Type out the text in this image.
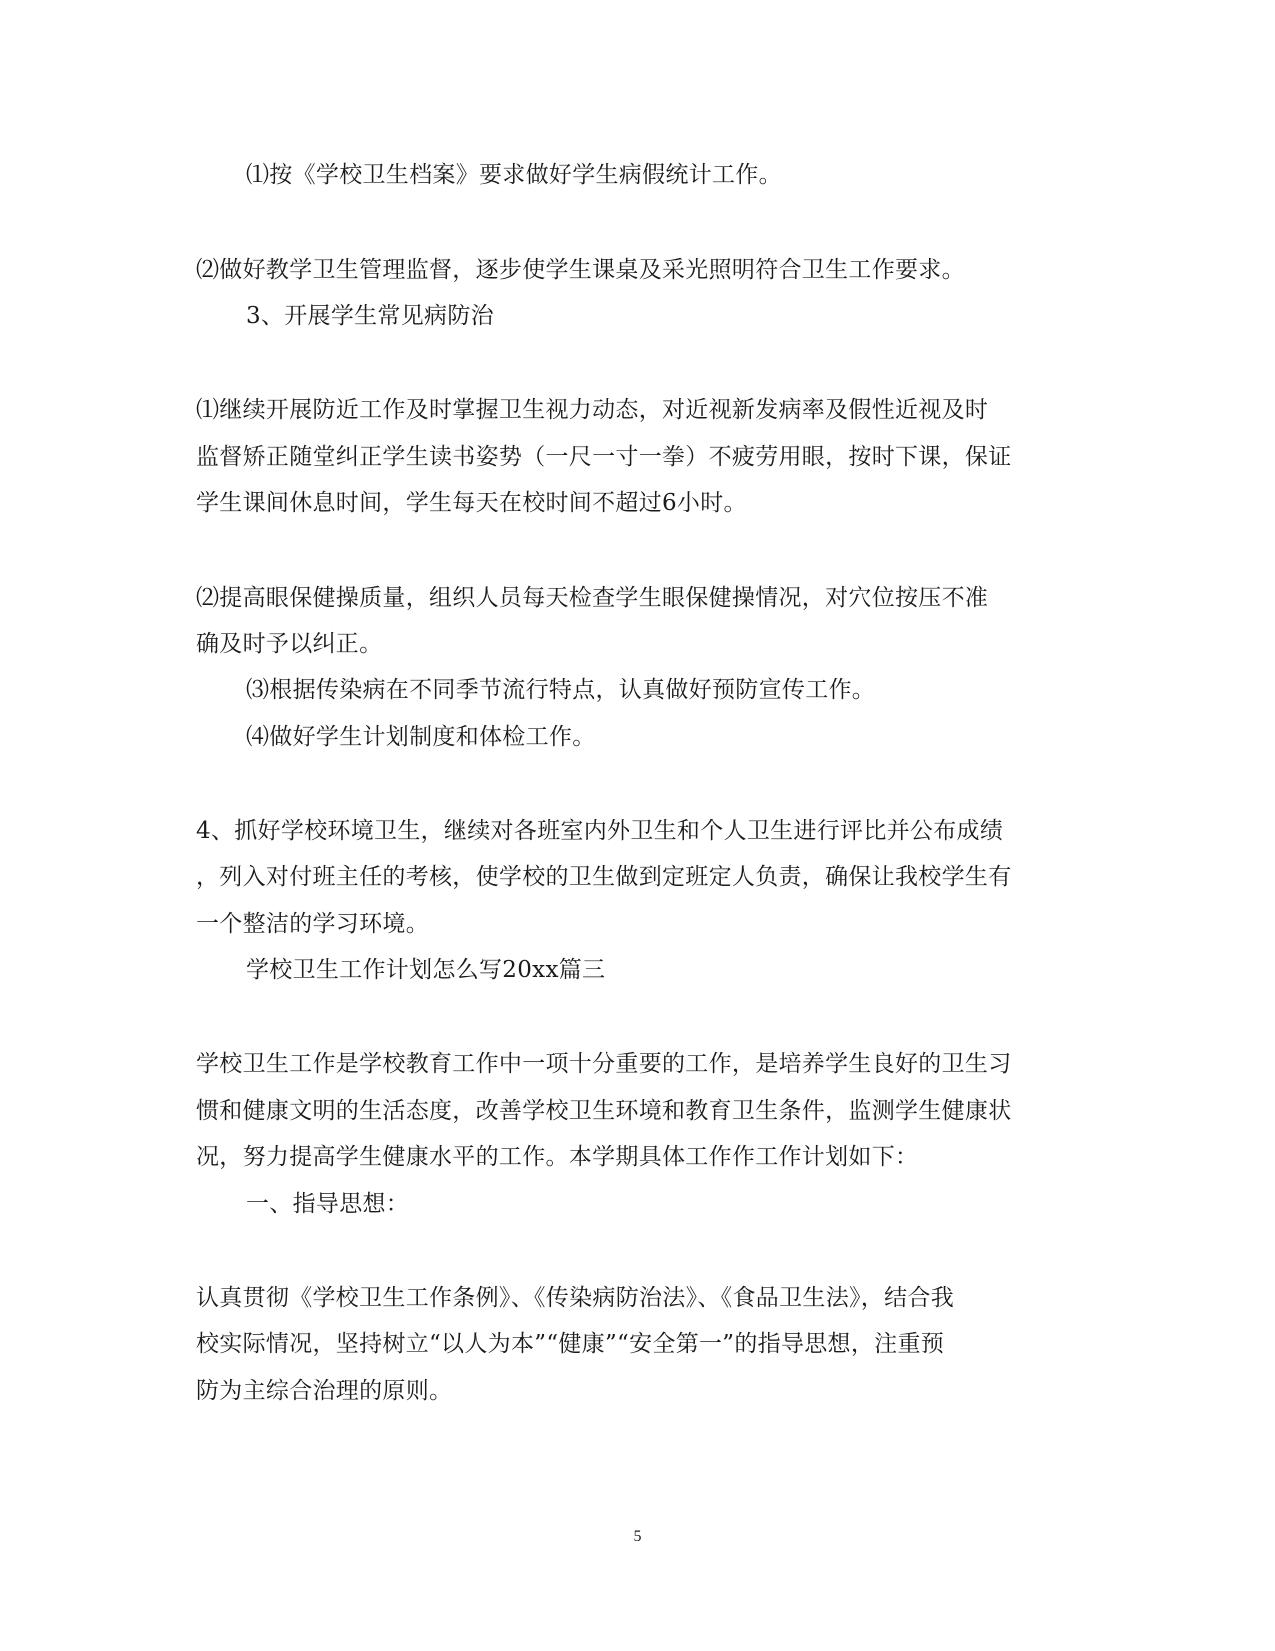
⑴按《学校卫生档案》要求做好学生病假统计工作。
⑵做好教学卫生管理监督，逐步使学生课桌及采光照明符合卫生工作要求。
3、开展学生常见病防治
⑴继续开展防近工作及时掌握卫生视力动态，对近视新发病率及假性近视及时
监督矫正随堂纠正学生读书姿势（一尺一寸一拳）不疲劳用眼，按时下课，保证
学生课间休息时间，学生每天在校时间不超过6小时。
⑵提高眼保健操质量，组织人员每天检查学生眼保健操情况，对穴位按压不准
确及时予以纠正。
⑶根据传染病在不同季节流行特点，认真做好预防宣传工作。
⑷做好学生计划制度和体检工作。
4、抓好学校环境卫生，继续对各班室内外卫生和个人卫生进行评比并公布成绩
，列入对付班主任的考核，使学校的卫生做到定班定人负责，确保让我校学生有
一个整洁的学习环境。
学校卫生工作计划怎么写20xx篇三
学校卫生工作是学校教育工作中一项十分重要的工作，是培养学生良好的卫生习
惯和健康文明的生活态度，改善学校卫生环境和教育卫生条件，监测学生健康状
况，努力提高学生健康水平的工作。本学期具体工作作工作计划如下：
一、指导思想：
认真贯彻《学校卫生工作条例》、《传染病防治法》、《食品卫生法》，结合我
校实际情况，坚持树立“以人为本”“健康”“安全第一”的指导思想，注重预
防为主综合治理的原则。
5
